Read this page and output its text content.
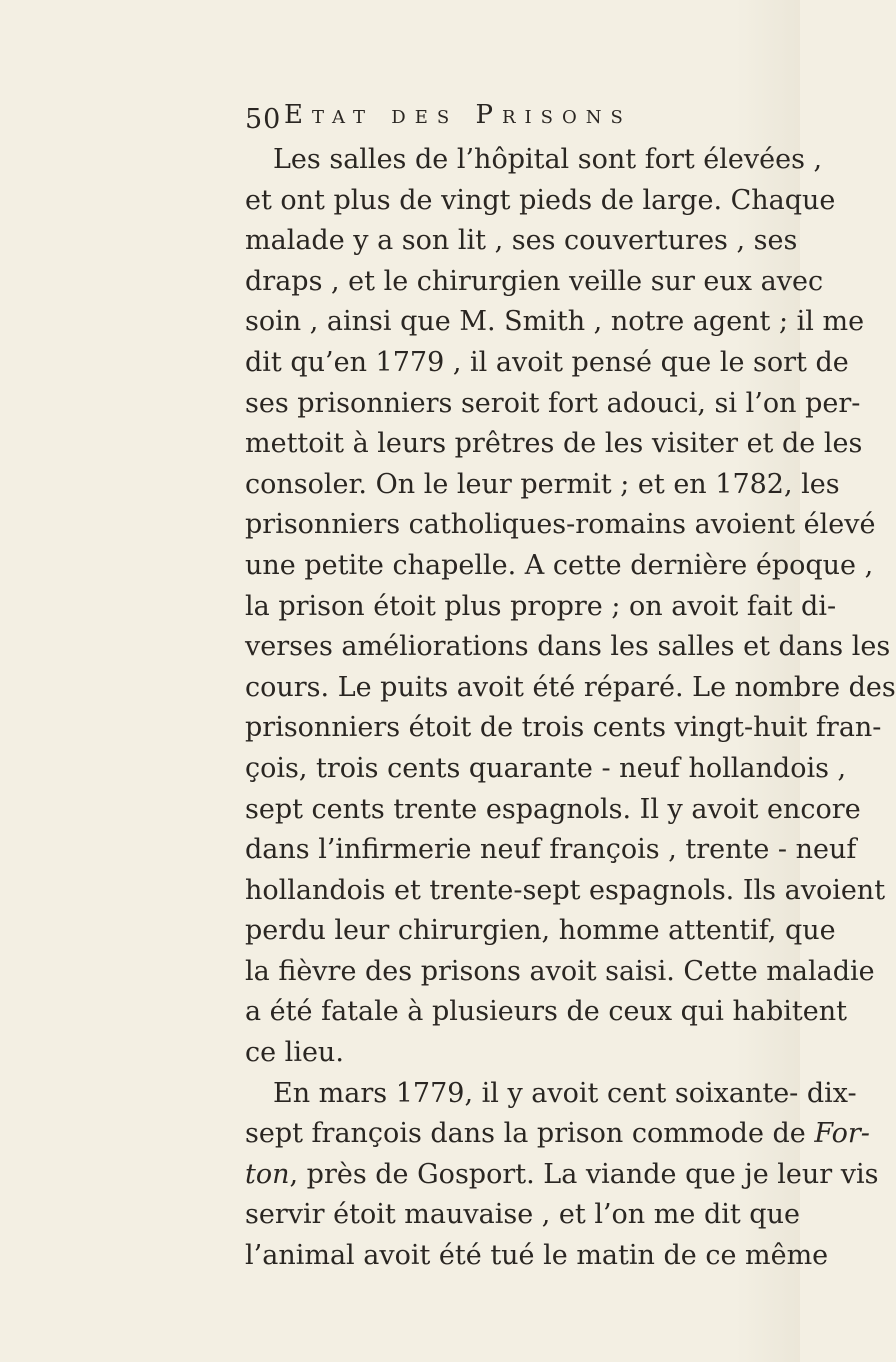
50 Etat des Prisons
Les salles de l’hôpital sont fort élevées ,
et ont plus de vingt pieds de large. Chaque
malade y a son lit , ses couvertures , ses
draps , et le chirurgien veille sur eux avec
soin , ainsi que M. Smith , notre agent ; il me
dit qu’en 1779 , il avoit pensé que le sort de
ses prisonniers seroit fort adouci, si l’on per-
mettoit à leurs prêtres de les visiter et de les
consoler. On le leur permit ; et en 1782, les
prisonniers catholiques-romains avoient élevé
une petite chapelle. A cette dernière époque ,
la prison étoit plus propre ; on avoit fait di-
verses améliorations dans les salles et dans les
cours. Le puits avoit été réparé. Le nombre des
prisonniers étoit de trois cents vingt-huit fran-
çois, trois cents quarante - neuf hollandois ,
sept cents trente espagnols. Il y avoit encore
dans l’infirmerie neuf françois , trente - neuf
hollandois et trente-sept espagnols. Ils avoient
perdu leur chirurgien, homme attentif, que
la fièvre des prisons avoit saisi. Cette maladie
a été fatale à plusieurs de ceux qui habitent
ce lieu.
En mars 1779, il y avoit cent soixante- dix-
sept françois dans la prison commode de For-
ton, près de Gosport. La viande que je leur vis
servir étoit mauvaise , et l’on me dit que
l’animal avoit été tué le matin de ce même
